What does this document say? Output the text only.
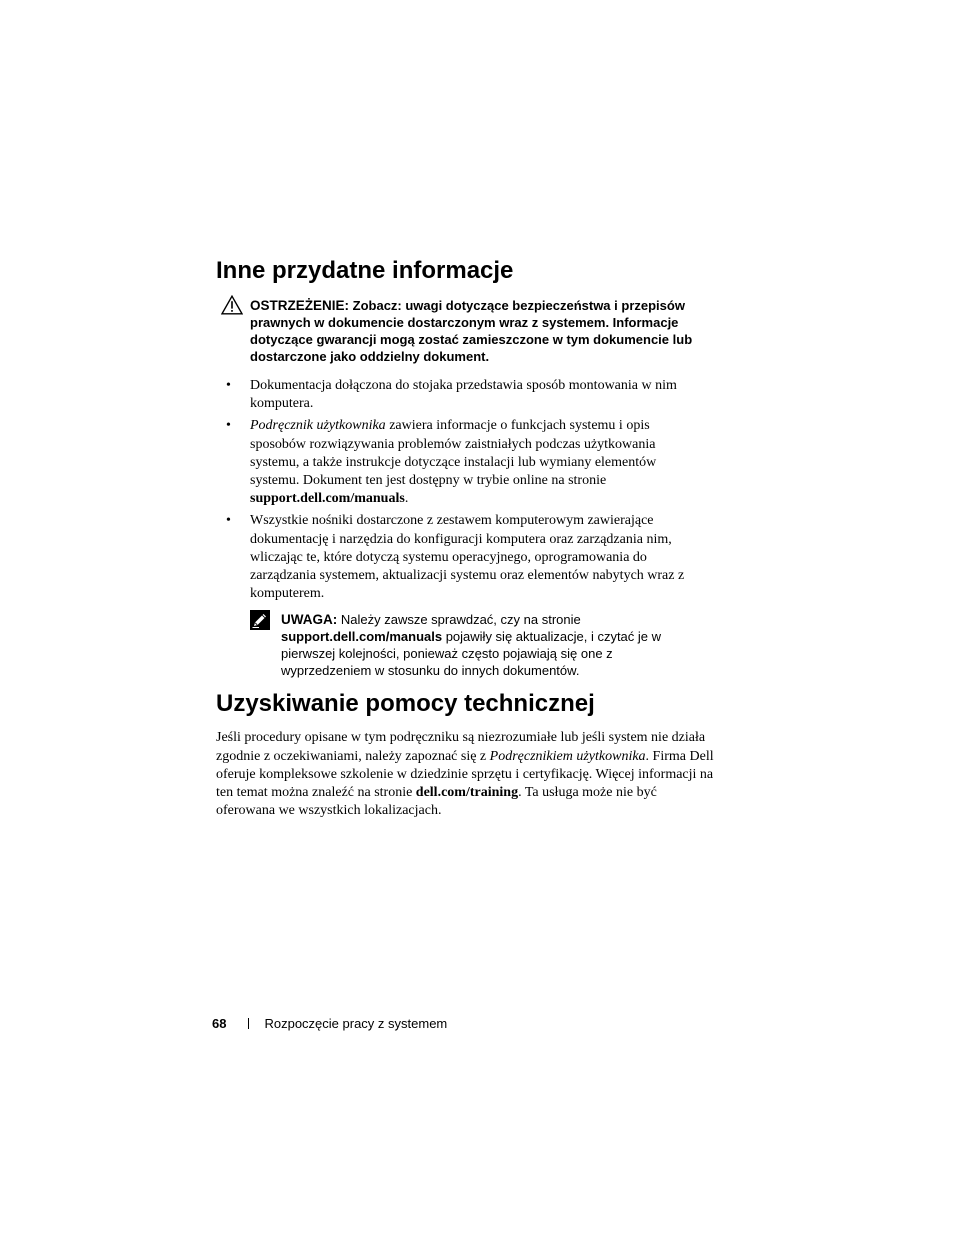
Inne przydatne informacje
OSTRZEŻENIE: Zobacz: uwagi dotyczące bezpieczeństwa i przepisów prawnych w dokumencie dostarczonym wraz z systemem. Informacje dotyczące gwarancji mogą zostać zamieszczone w tym dokumencie lub dostarczone jako oddzielny dokument.
• Dokumentacja dołączona do stojaka przedstawia sposób montowania w nim komputera.
• Podręcznik użytkownika zawiera informacje o funkcjach systemu i opis sposobów rozwiązywania problemów zaistniałych podczas użytkowania systemu, a także instrukcje dotyczące instalacji lub wymiany elementów systemu. Dokument ten jest dostępny w trybie online na stronie support.dell.com/manuals.
• Wszystkie nośniki dostarczone z zestawem komputerowym zawierające dokumentację i narzędzia do konfiguracji komputera oraz zarządzania nim, wliczając te, które dotyczą systemu operacyjnego, oprogramowania do zarządzania systemem, aktualizacji systemu oraz elementów nabytych wraz z komputerem.
UWAGA: Należy zawsze sprawdzać, czy na stronie support.dell.com/manuals pojawiły się aktualizacje, i czytać je w pierwszej kolejności, ponieważ często pojawiają się one z wyprzedzeniem w stosunku do innych dokumentów.
Uzyskiwanie pomocy technicznej

Jeśli procedury opisane w tym podręczniku są niezrozumiałe lub jeśli system nie działa zgodnie z oczekiwaniami, należy zapoznać się z Podręcznikiem użytkownika. Firma Dell oferuje kompleksowe szkolenie w dziedzinie sprzętu i certyfikację. Więcej informacji na ten temat można znaleźć na stronie dell.com/training. Ta usługa może nie być oferowana we wszystkich lokalizacjach.

68	Rozpoczęcie pracy z systemem
